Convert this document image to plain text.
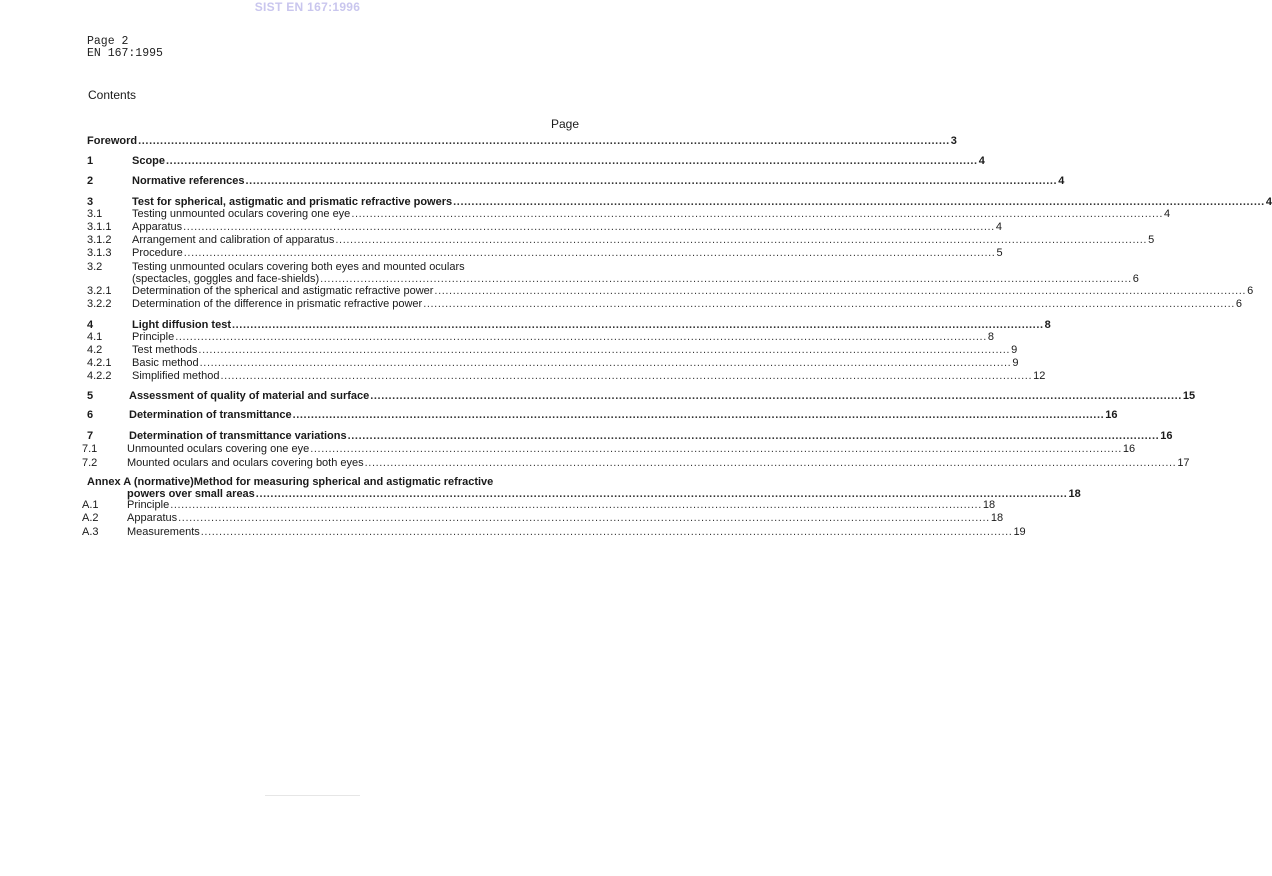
SIST EN 167:1996
Page 2
EN 167:1995
Contents
Page
Foreword .............................................................................................................................................................................................................................. 3
1	Scope .............................................................................................................................................................................................................................. 4
2	Normative references .............................................................................................................................................................................................................................. 4
3	Test for spherical, astigmatic and prismatic refractive powers .............................................................................................................................................................................................................................. 4
3.1	Testing unmounted oculars covering one eye .............................................................................................................................................................................................................................. 4
3.1.1 Apparatus .............................................................................................................................................................................................................................. 4
3.1.2 Arrangement and calibration of apparatus .............................................................................................................................................................................................................................. 5
3.1.3 Procedure .............................................................................................................................................................................................................................. 5
3.2	Testing unmounted oculars covering both eyes and mounted oculars
(spectacles, goggles and face-shields) .............................................................................................................................................................................................................................. 6
3.2.1 Determination of the spherical and astigmatic refractive power .............................................................................................................................................................................................................................. 6
3.2.2 Determination of the difference in prismatic refractive power .............................................................................................................................................................................................................................. 6
4	Light diffusion test .............................................................................................................................................................................................................................. 8
4.1	Principle .............................................................................................................................................................................................................................. 8
4.2	Test methods .............................................................................................................................................................................................................................. 9
4.2.1 Basic method .............................................................................................................................................................................................................................. 9
4.2.2 Simplified method .............................................................................................................................................................................................................................. 12
5	Assessment of quality of material and surface .............................................................................................................................................................................................................................. 15
6	Determination of transmittance .............................................................................................................................................................................................................................. 16
7	Determination of transmittance variations .............................................................................................................................................................................................................................. 16
7.1	Unmounted oculars covering one eye .............................................................................................................................................................................................................................. 16
7.2	Mounted oculars and oculars covering both eyes .............................................................................................................................................................................................................................. 17
Annex A (normative)Method for measuring spherical and astigmatic refractive
powers over small areas .............................................................................................................................................................................................................................. 18
A.1	Principle .............................................................................................................................................................................................................................. 18
A.2	Apparatus .............................................................................................................................................................................................................................. 18
A.3	Measurements .............................................................................................................................................................................................................................. 19
